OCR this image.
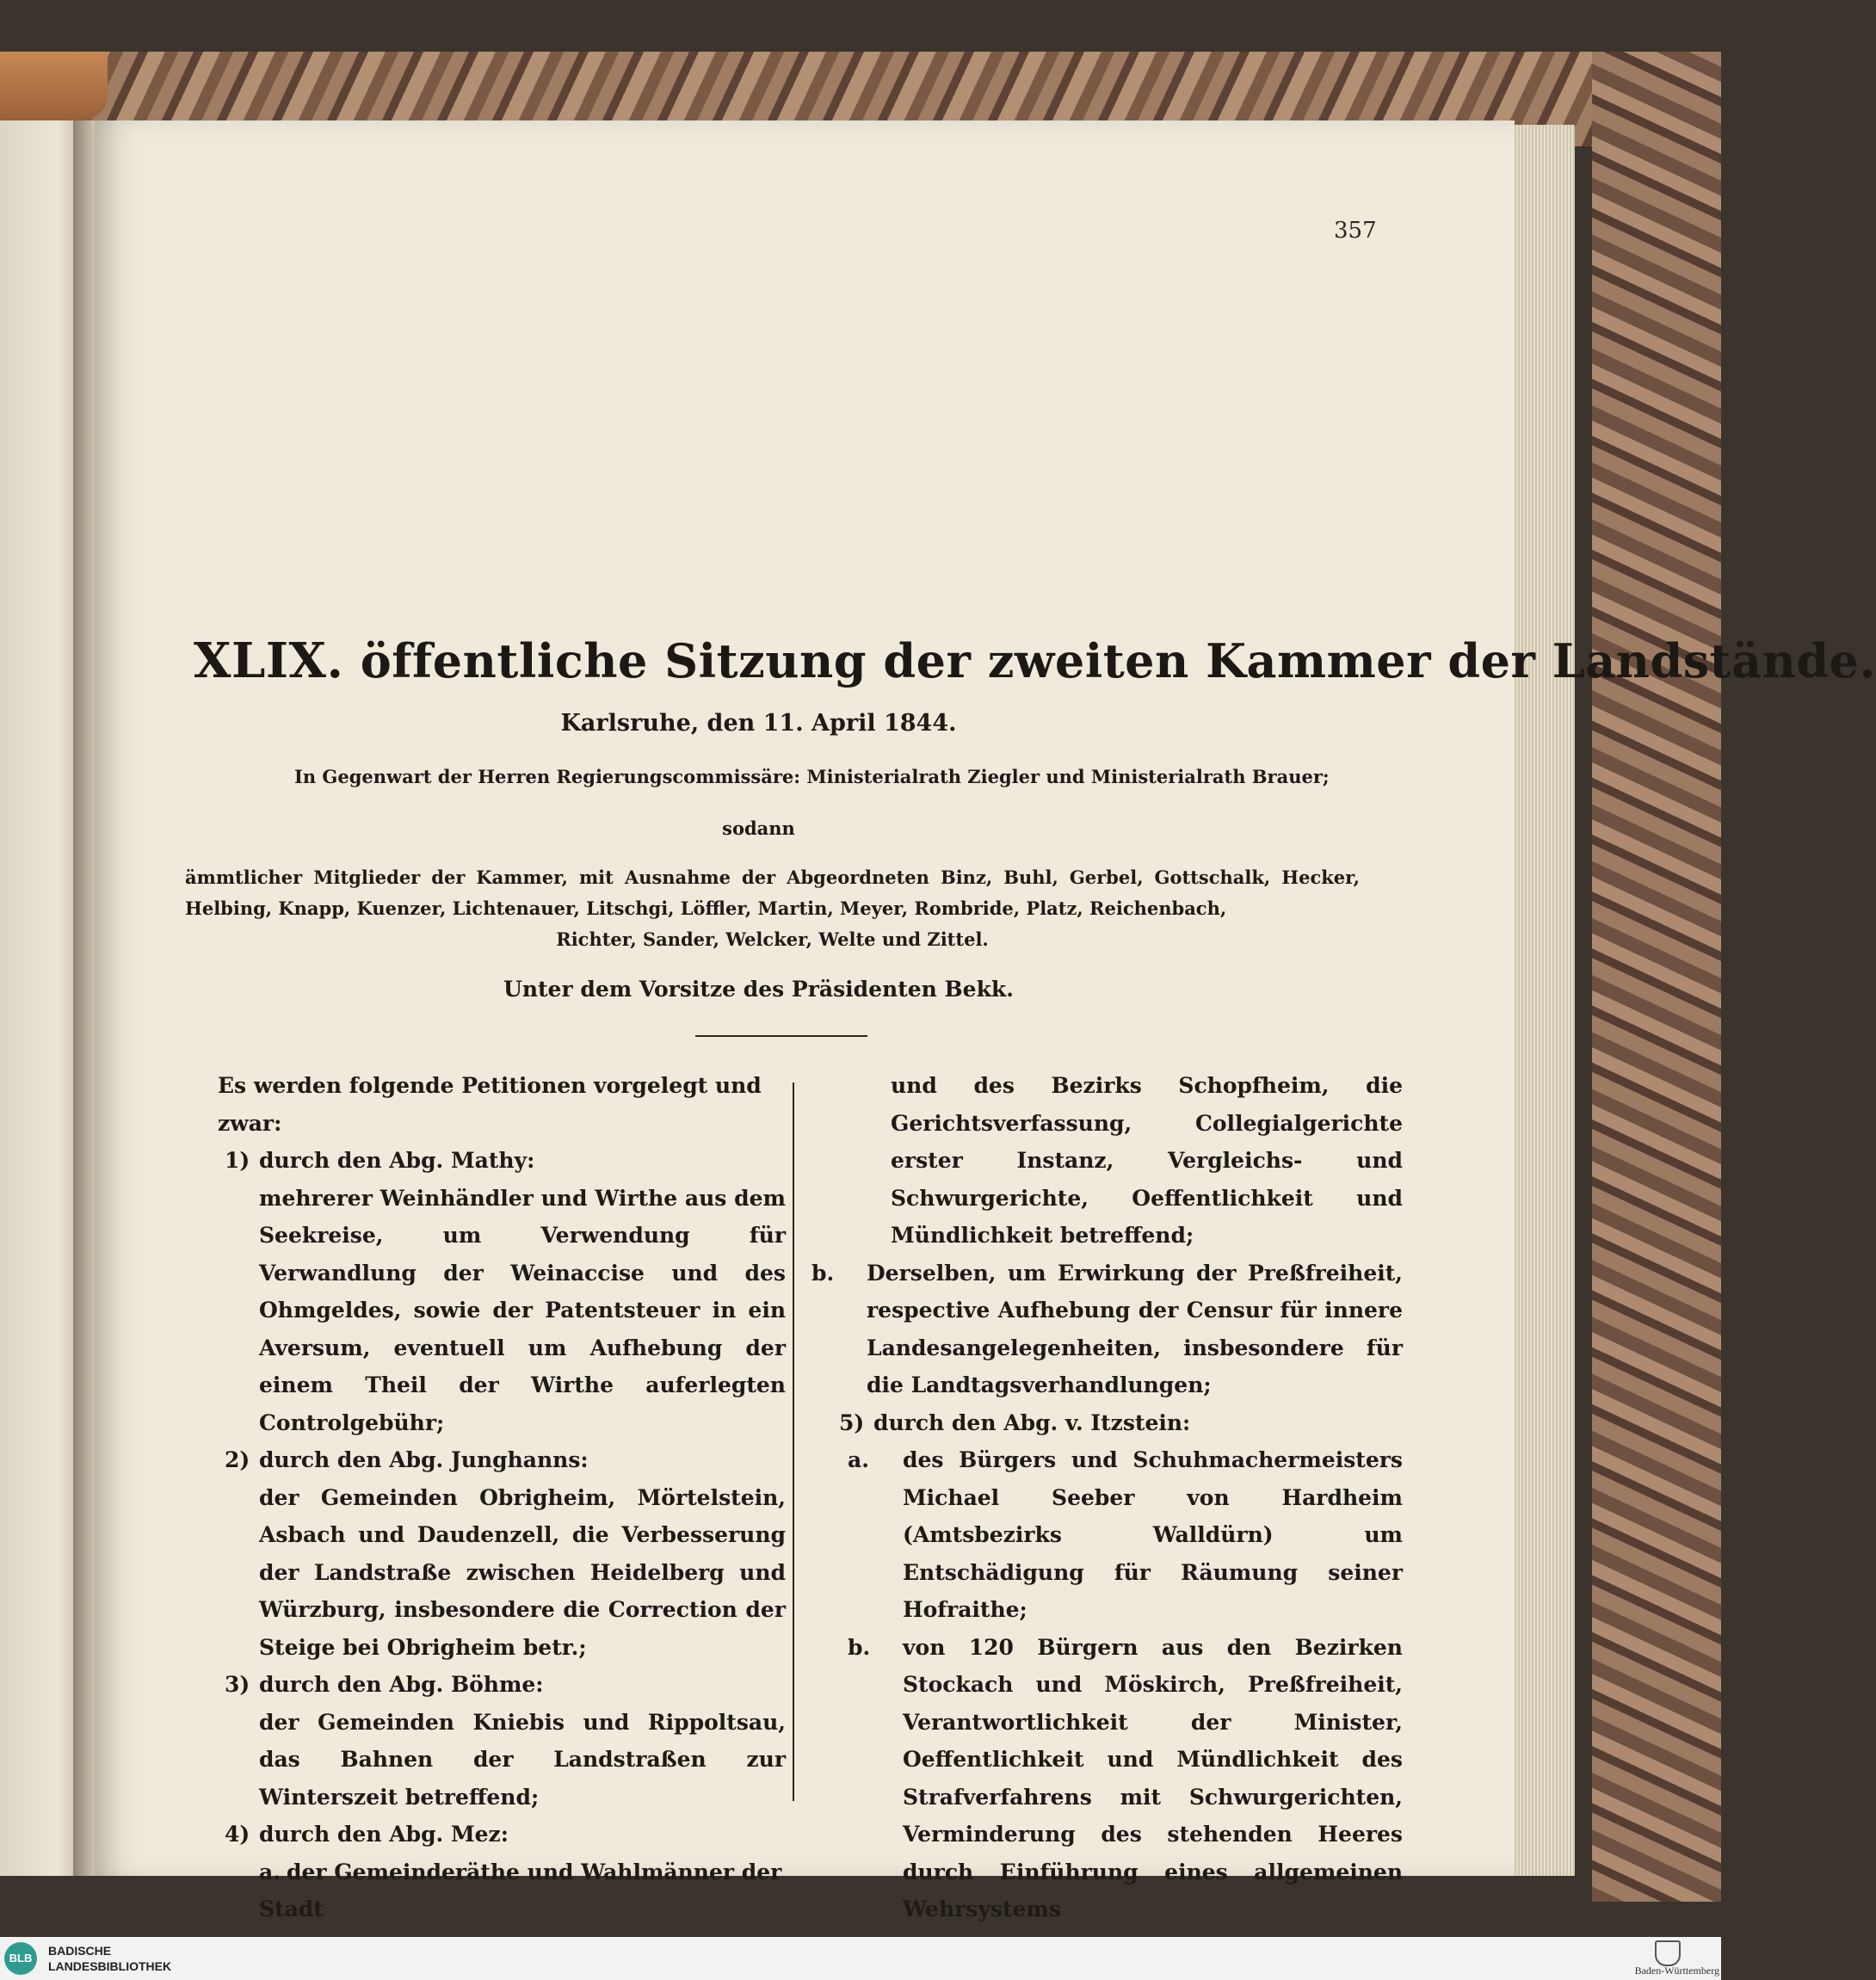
357
XLIX. öffentliche Sitzung der zweiten Kammer der Landstände.
Karlsruhe, den 11. April 1844.
In Gegenwart der Herren Regierungscommissäre: Ministerialrath Ziegler und Ministerialrath Brauer;
sodann
ämmtlicher Mitglieder der Kammer, mit Ausnahme der Abgeordneten Binz, Buhl, Gerbel, Gottschalk, Hecker, Helbing, Knapp, Kuenzer, Lichtenauer, Litschgi, Löffler, Martin, Meyer, Rombride, Platz, Reichenbach,
Richter, Sander, Welcker, Welte und Zittel.
Unter dem Vorsitze des Präsidenten Bekk.

Es werden folgende Petitionen vorgelegt und zwar:

1) durch den Abg. Mathy:

mehrerer Weinhändler und Wirthe aus dem Seekreise, um Verwendung für Verwandlung der Weinaccise und des Ohmgeldes, sowie der Patentsteuer in ein Aversum, eventuell um Aufhebung der einem Theil der Wirthe auferlegten Controlgebühr;

2) durch den Abg. Junghanns:

der Gemeinden Obrigheim, Mörtelstein, Asbach und Daudenzell, die Verbesserung der Landstraße zwischen Heidelberg und Würzburg, insbesondere die Correction der Steige bei Obrigheim betr.;

3) durch den Abg. Böhme:

der Gemeinden Kniebis und Rippoltsau, das Bahnen der Landstraßen zur Winterszeit betreffend;

4) durch den Abg. Mez:

a. der Gemeinderäthe und Wahlmänner der Stadt

und des Bezirks Schopfheim, die Gerichtsverfassung, Collegialgerichte erster Instanz, Vergleichs- und Schwurgerichte, Oeffentlichkeit und Mündlichkeit betreffend;

b. Derselben, um Erwirkung der Preßfreiheit, respective Aufhebung der Censur für innere Landesangelegenheiten, insbesondere für die Landtagsverhandlungen;

5) durch den Abg. v. Itzstein:

a. des Bürgers und Schuhmachermeisters Michael Seeber von Hardheim (Amtsbezirks Walldürn) um Entschädigung für Räumung seiner Hofraithe;

b. von 120 Bürgern aus den Bezirken Stockach und Möskirch, Preßfreiheit, Verantwortlichkeit der Minister, Oeffentlichkeit und Mündlichkeit des Strafverfahrens mit Schwurgerichten, Verminderung des stehenden Heeres durch Einführung eines allgemeinen Wehrsystems

BLB
BADISCHE
LANDESBIBLIOTHEK	Baden-Württemberg
